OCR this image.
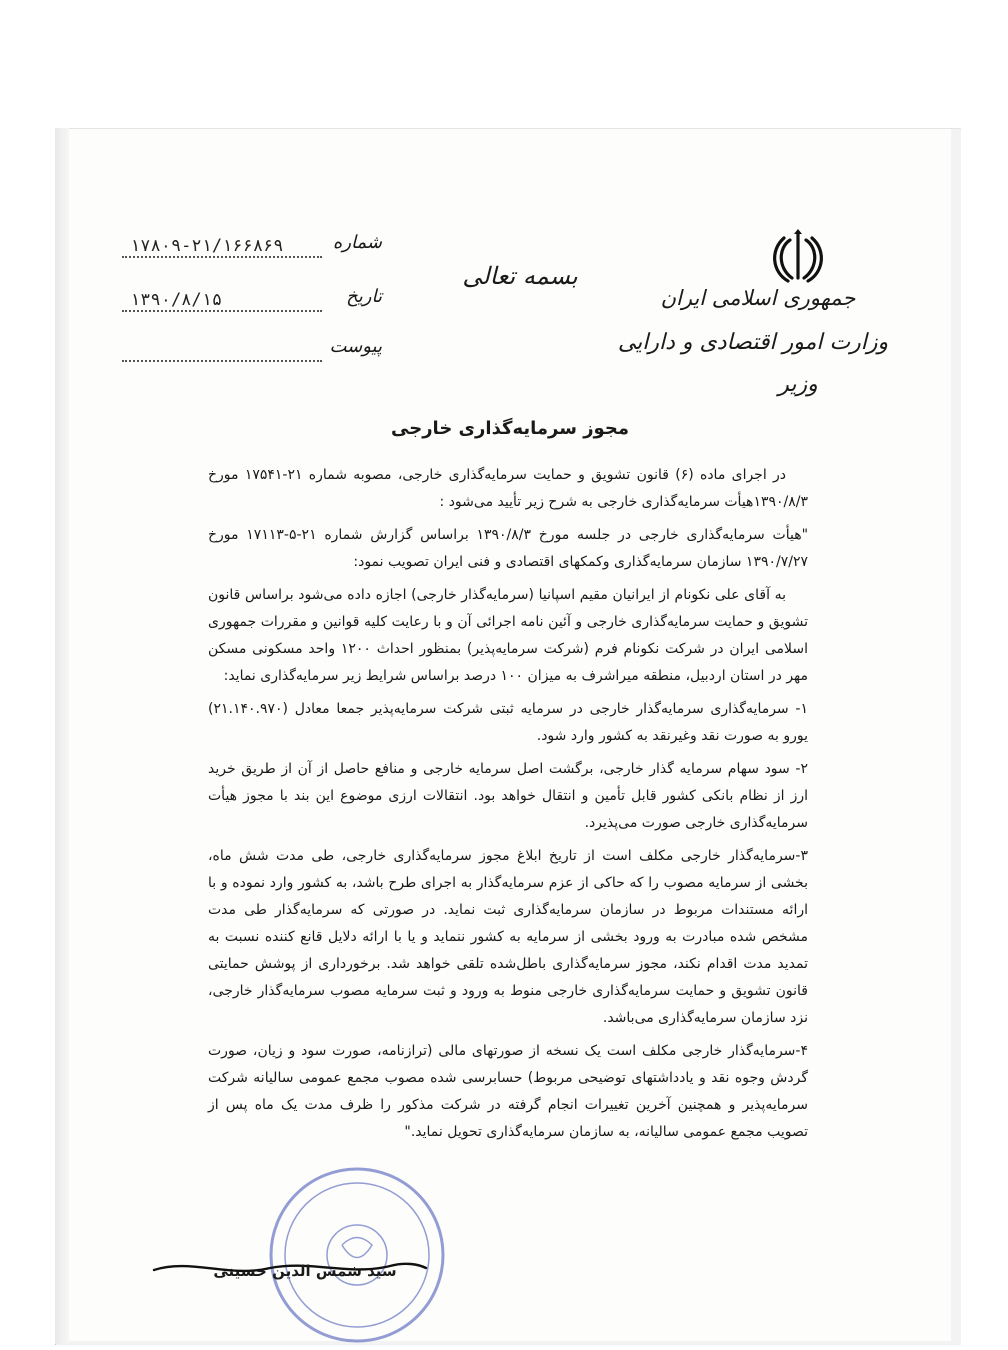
جمهوری اسلامی ایران
وزارت امور اقتصادی و دارایی
وزیر
بسمه تعالی
شماره
۱۷۸۰۹-۲۱/۱۶۶۸۶۹
تاریخ
۱۳۹۰/۸/۱۵
پیوست
مجوز سرمایه‌گذاری خارجی

در اجرای ماده (۶) قانون تشویق و حمایت سرمایه‌گذاری خارجی، مصوبه شماره ۲۱-۱۷۵۴۱ مورخ ۱۳۹۰/۸/۳هیأت سرمایه‌گذاری خارجی به شرح زیر تأیید می‌شود :

"هیأت سرمایه‌گذاری خارجی در جلسه مورخ ۱۳۹۰/۸/۳ براساس گزارش شماره ۲۱-۵-۱۷۱۱۳ مورخ ۱۳۹۰/۷/۲۷ سازمان سرمایه‌گذاری وکمکهای اقتصادی و فنی ایران تصویب نمود:

به آقای علی نکونام از ایرانیان مقیم اسپانیا (سرمایه‌گذار خارجی) اجازه داده می‌شود براساس قانون تشویق و حمایت سرمایه‌گذاری خارجی و آئین نامه اجرائی آن و با رعایت کلیه قوانین و مقررات جمهوری اسلامی ایران در شرکت نکونام فرم (شرکت سرمایه‌پذیر) بمنظور احداث ۱۲۰۰ واحد مسکونی مسکن مهر در استان اردبیل، منطقه میراشرف به میزان ۱۰۰ درصد براساس شرایط زیر سرمایه‌گذاری نماید:

۱- سرمایه‌گذاری سرمایه‌گذار خارجی در سرمایه ثبتی شرکت سرمایه‌پذیر جمعا معادل (۲۱.۱۴۰.۹۷۰) یورو به صورت نقد وغیرنقد به کشور وارد شود.

۲- سود سهام سرمایه گذار خارجی، برگشت اصل سرمایه خارجی و منافع حاصل از آن از طریق خرید ارز از نظام بانکی کشور قابل تأمین و انتقال خواهد بود. انتقالات ارزی موضوع این بند با مجوز هیأت سرمایه‌گذاری خارجی صورت می‌پذیرد.

۳-سرمایه‌گذار خارجی مکلف است از تاریخ ابلاغ مجوز سرمایه‌گذاری خارجی، طی مدت شش ماه، بخشی از سرمایه مصوب را که حاکی از عزم سرمایه‌گذار به اجرای طرح باشد، به کشور وارد نموده و با ارائه مستندات مربوط در سازمان سرمایه‌گذاری ثبت نماید. در صورتی که سرمایه‌گذار طی مدت مشخص شده مبادرت به ورود بخشی از سرمایه به کشور ننماید و یا با ارائه دلایل قانع کننده نسبت به تمدید مدت اقدام نکند، مجوز سرمایه‌گذاری باطل‌شده تلقی خواهد شد. برخورداری از پوشش حمایتی قانون تشویق و حمایت سرمایه‌گذاری خارجی منوط به ورود و ثبت سرمایه مصوب سرمایه‌گذار خارجی، نزد سازمان سرمایه‌گذاری می‌باشد.

۴-سرمایه‌گذار خارجی مکلف است یک نسخه از صورتهای مالی (ترازنامه، صورت سود و زیان، صورت گردش وجوه نقد و یادداشتهای توضیحی مربوط) حسابرسی شده مصوب مجمع عمومی سالیانه شرکت سرمایه‌پذیر و همچنین آخرین تغییرات انجام گرفته در شرکت مذکور را ظرف مدت یک ماه پس از تصویب مجمع عمومی سالیانه، به سازمان سرمایه‌گذاری تحویل نماید."

سید شمس الدین حسینی
